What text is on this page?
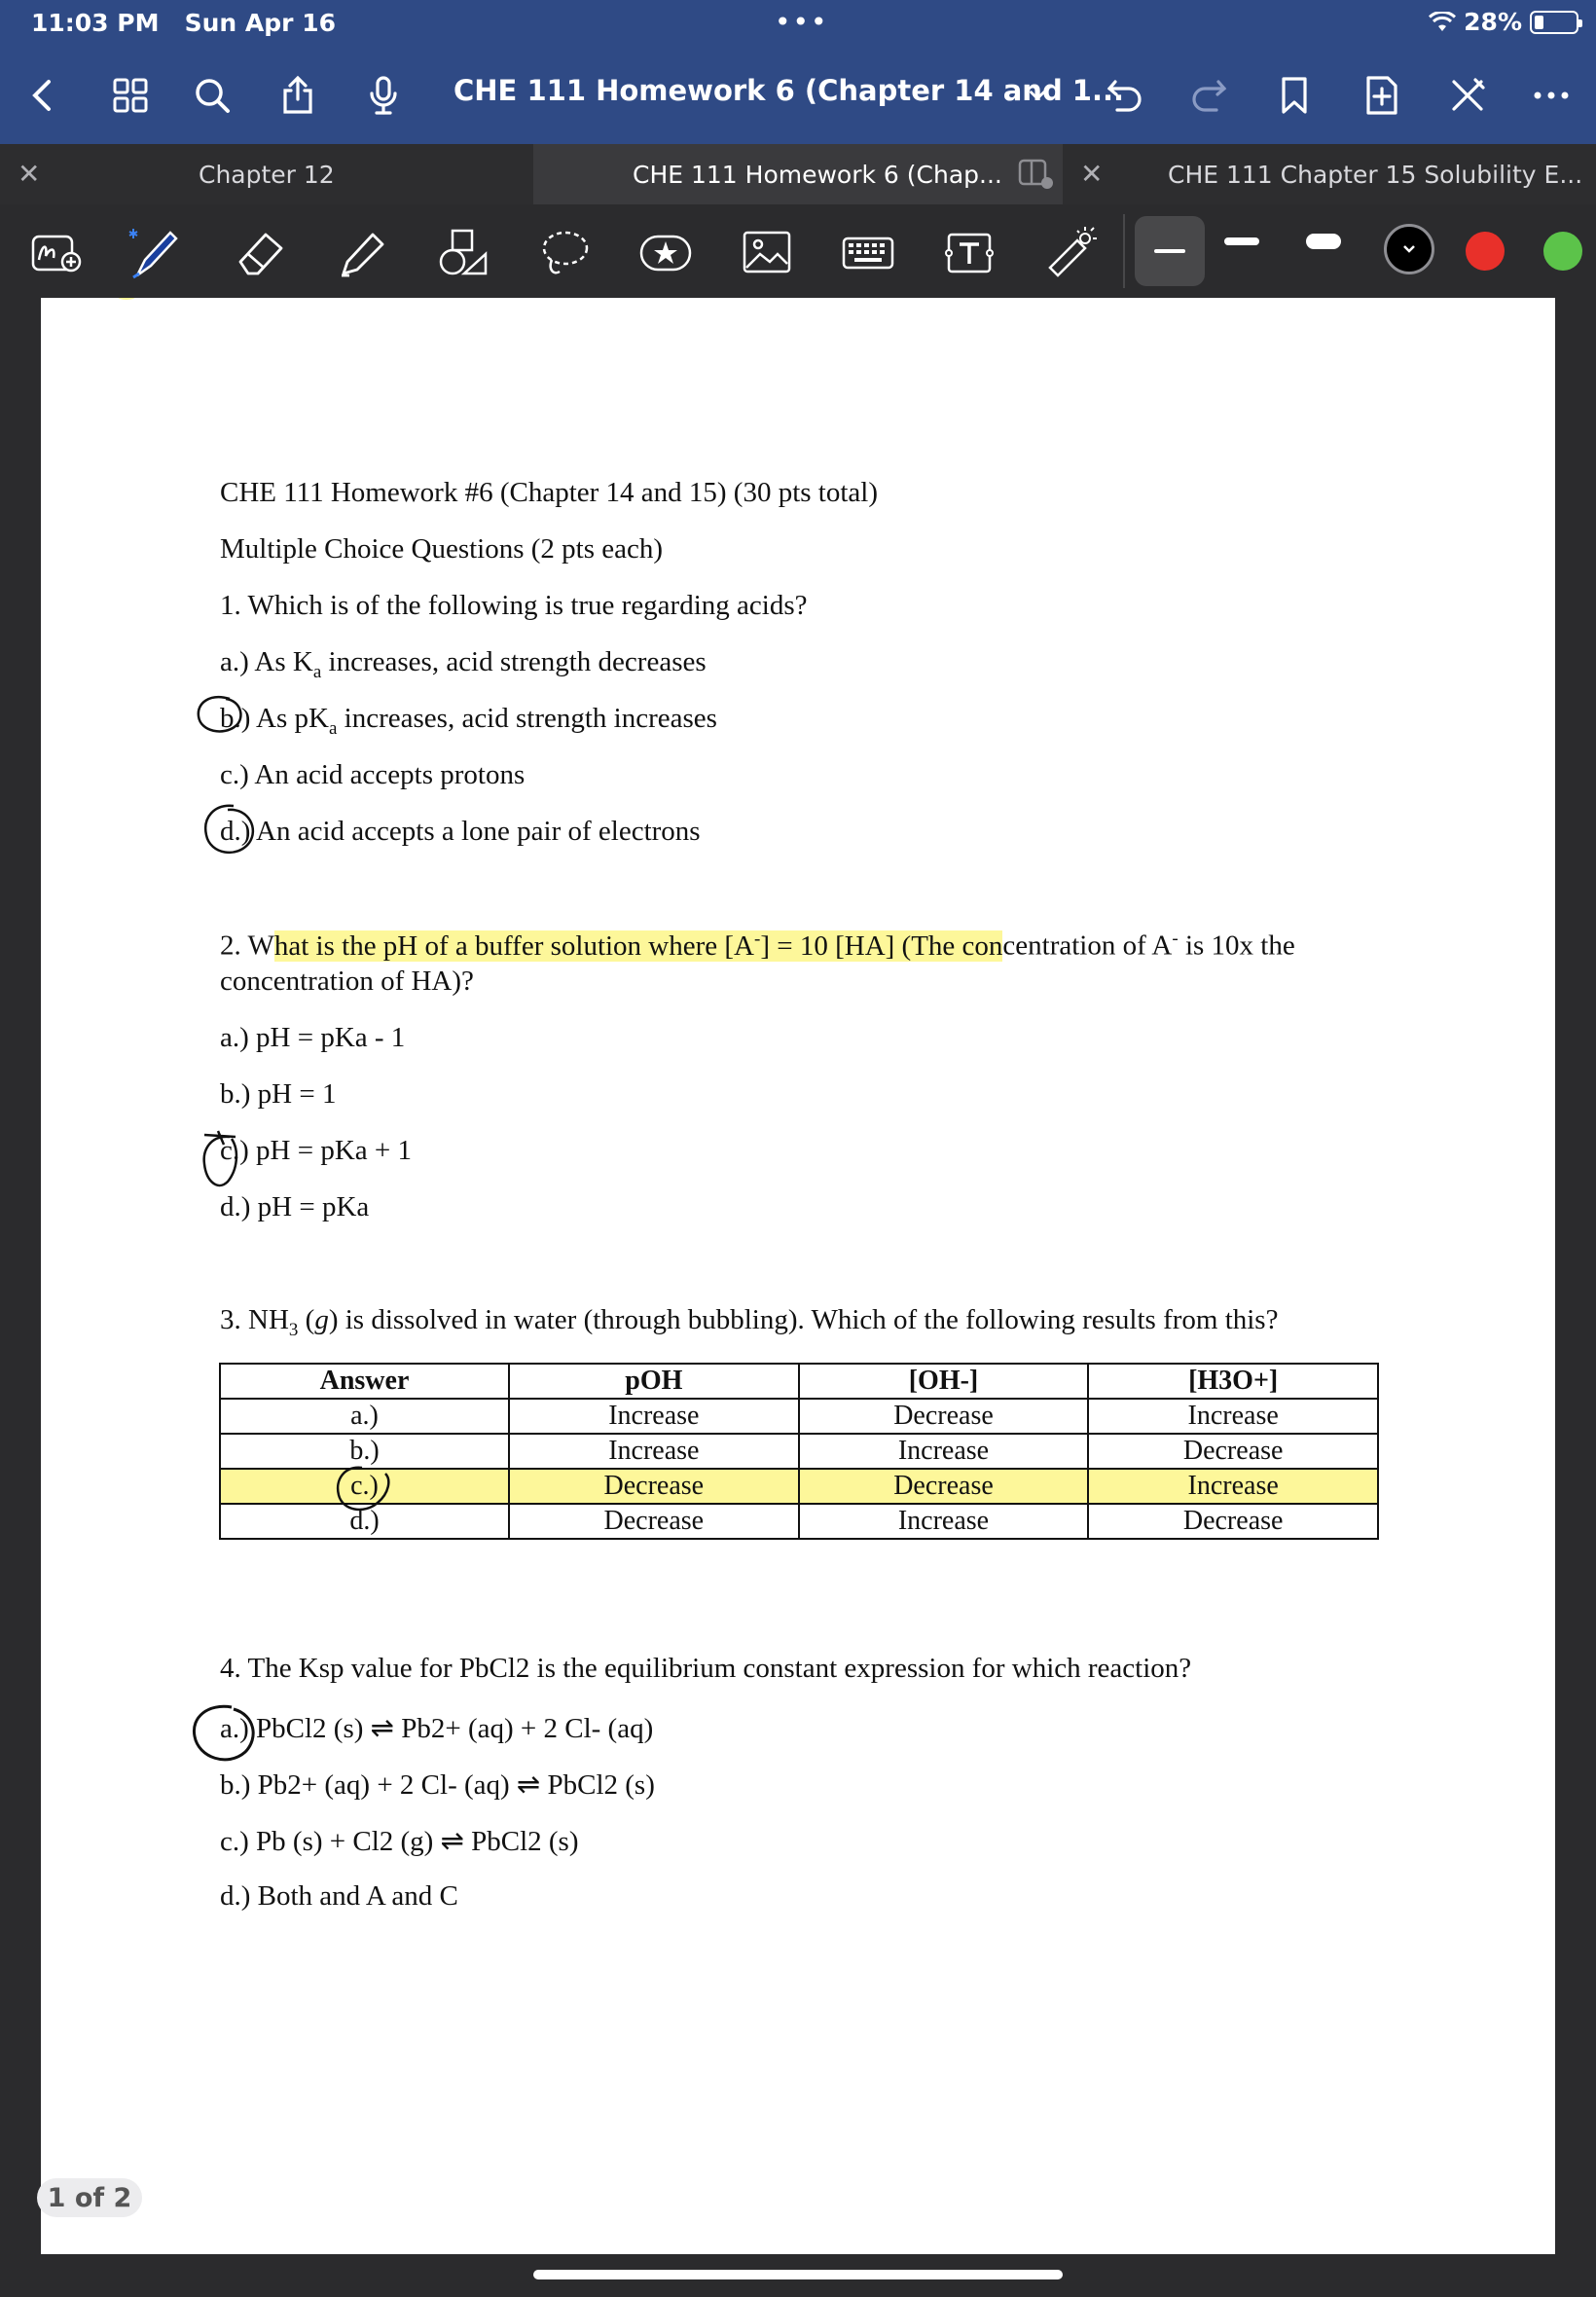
11:03 PM Sun Apr 16	•••	28%
CHE 111 Homework 6 (Chapter 14 and 1...
✕	Chapter 12	CHE 111 Homework 6 (Chap...	✕	CHE 111 Chapter 15 Solubility E...
CHE 111 Homework #6 (Chapter 14 and 15) (30 pts total)
Multiple Choice Questions (2 pts each)
1. Which is of the following is true regarding acids?
a.) As $K_a$ increases, acid strength decreases
b.) As $pK_a$ increases, acid strength increases
c.) An acid accepts protons
d.) An acid accepts a lone pair of electrons
2. What is the pH of a buffer solution where [A-] = 10 [HA] (The concentration of A- is 10x the
concentration of HA)?
a.) pH = pKa - 1
b.) pH = 1
c.) pH = pKa + 1
d.) pH = pKa
3. $NH_3$ (g) is dissolved in water (through bubbling). Which of the following results from this?
Answer	pOH	[OH-]	[H3O+]
a.)	Increase	Decrease	Increase
b.)	Increase	Increase	Decrease
c.)	Decrease	Decrease	Increase
d.)	Decrease	Increase	Decrease
4. The Ksp value for PbCl2 is the equilibrium constant expression for which reaction?
a.) PbCl2 (s) ⇌ Pb2+ (aq) + 2 Cl- (aq)
b.) Pb2+ (aq) + 2 Cl- (aq) ⇌ PbCl2 (s)
c.) Pb (s) + Cl2 (g) ⇌ PbCl2 (s)
d.) Both and A and C
1 of 2
